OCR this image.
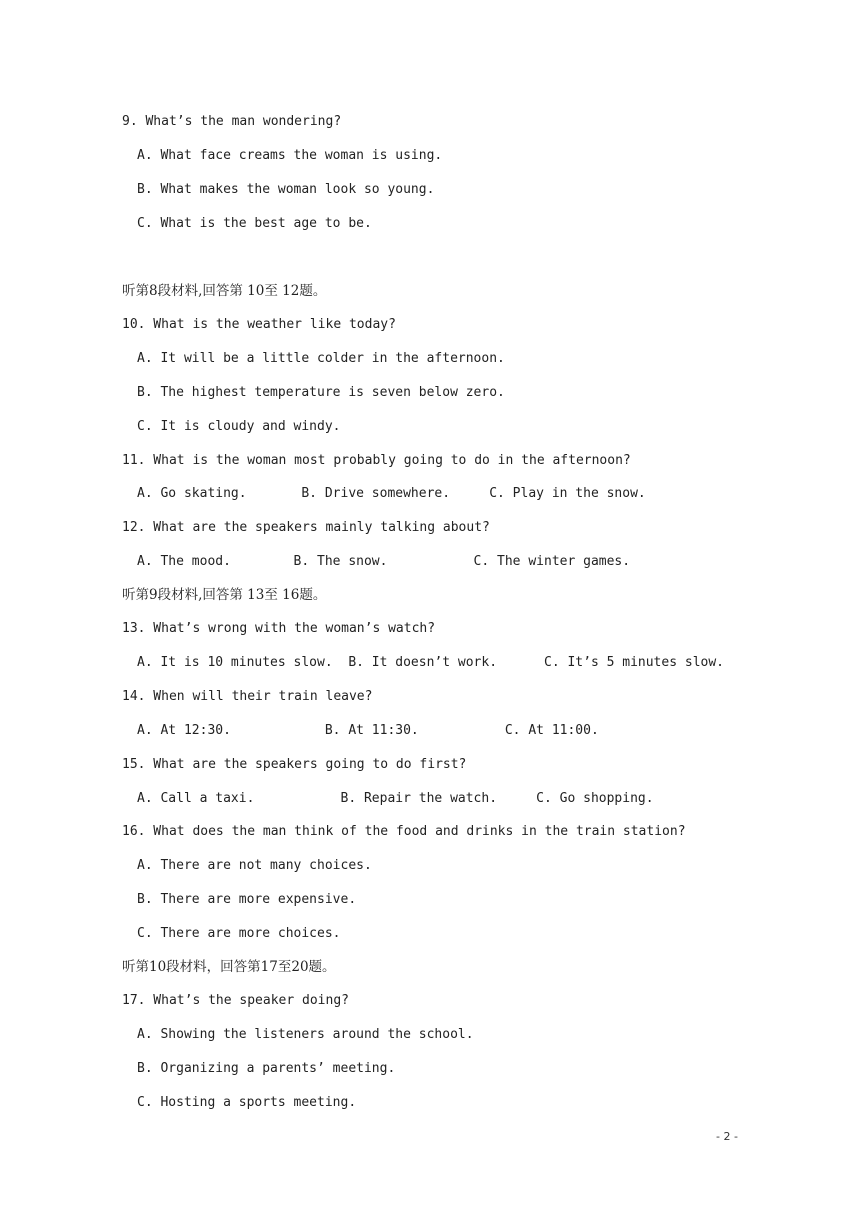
9. What’s the man wondering?
A. What face creams the woman is using.
B. What makes the woman look so young.
C. What is the best age to be.
听第8段材料,回答第 10至 12题。
10. What is the weather like today?
A. It will be a little colder in the afternoon.
B. The highest temperature is seven below zero.
C. It is cloudy and windy.
11. What is the woman most probably going to do in the afternoon?
A. Go skating.       B. Drive somewhere.     C. Play in the snow.
12. What are the speakers mainly talking about?
A. The mood.        B. The snow.           C. The winter games.
听第9段材料,回答第 13至 16题。
13. What’s wrong with the woman’s watch?
A. It is 10 minutes slow.  B. It doesn’t work.      C. It’s 5 minutes slow.
14. When will their train leave?
A. At 12:30.            B. At 11:30.           C. At 11:00.
15. What are the speakers going to do first?
A. Call a taxi.           B. Repair the watch.     C. Go shopping.
16. What does the man think of the food and drinks in the train station?
A. There are not many choices.
B. There are more expensive.
C. There are more choices.
听第10段材料，回答第17至20题。
17. What’s the speaker doing?
A. Showing the listeners around the school.
B. Organizing a parents’ meeting.
C. Hosting a sports meeting.
- 2 -
